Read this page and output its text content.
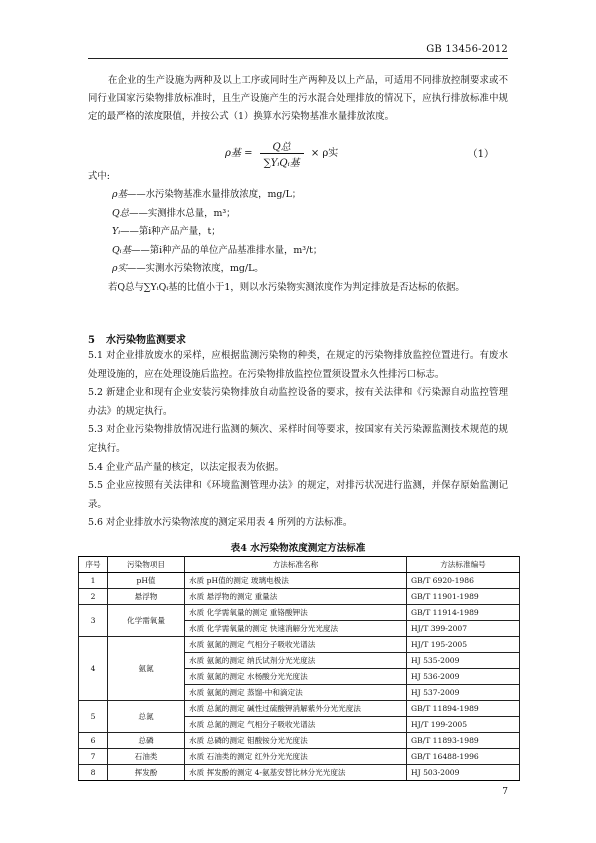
GB 13456-2012

在企业的生产设施为两种及以上工序或同时生产两种及以上产品，可适用不同排放控制要求或不同行业国家污染物排放标准时，且生产设施产生的污水混合处理排放的情况下，应执行排放标准中规定的最严格的浓度限值，并按公式（1）换算水污染物基准水量排放浓度。

ρ基 = $\frac{\text{Q总}}{\text{∑YᵢQᵢ基}} \times \rho$实	（1）

式中:

ρ基——水污染物基准水量排放浓度，mg/L；
Q总——实测排水总量，m³；
Yᵢ——第i种产品产量，t；
Qᵢ基——第i种产品的单位产品基准排水量，m³/t；
ρ实——实测水污染物浓度，mg/L。
若Q总与∑YᵢQᵢ基的比值小于1，则以水污染物实测浓度作为判定排放是否达标的依据。
5 水污染物监测要求

5.1 对企业排放废水的采样，应根据监测污染物的种类，在规定的污染物排放监控位置进行。有废水处理设施的，应在处理设施后监控。在污染物排放监控位置须设置永久性排污口标志。

5.2 新建企业和现有企业安装污染物排放自动监控设备的要求，按有关法律和《污染源自动监控管理办法》的规定执行。

5.3 对企业污染物排放情况进行监测的频次、采样时间等要求，按国家有关污染源监测技术规范的规定执行。

5.4 企业产品产量的核定，以法定报表为依据。

5.5 企业应按照有关法律和《环境监测管理办法》的规定，对排污状况进行监测，并保存原始监测记录。

5.6 对企业排放水污染物浓度的测定采用表 4 所列的方法标准。

表4 水污染物浓度测定方法标准
序号	污染物项目	方法标准名称	方法标准编号
1	pH值	水质 pH值的测定 玻璃电极法	GB/T 6920-1986
2	悬浮物	水质 悬浮物的测定 重量法	GB/T 11901-1989
3	化学需氧量	水质 化学需氧量的测定 重铬酸钾法	GB/T 11914-1989
		水质 化学需氧量的测定 快速消解分光光度法	HJ/T 399-2007
4	氨氮	水质 氨氮的测定 气相分子吸收光谱法	HJ/T 195-2005
		水质 氨氮的测定 纳氏试剂分光光度法	HJ 535-2009
		水质 氨氮的测定 水杨酸分光光度法	HJ 536-2009
		水质 氨氮的测定 蒸馏-中和滴定法	HJ 537-2009
5	总氮	水质 总氮的测定 碱性过硫酸钾消解紫外分光光度法	GB/T 11894-1989
		水质 总氮的测定 气相分子吸收光谱法	HJ/T 199-2005
6	总磷	水质 总磷的测定 钼酸铵分光光度法	GB/T 11893-1989
7	石油类	水质 石油类的测定 红外分光光度法	GB/T 16488-1996
8	挥发酚	水质 挥发酚的测定 4-氨基安替比林分光光度法	HJ 503-2009
7
